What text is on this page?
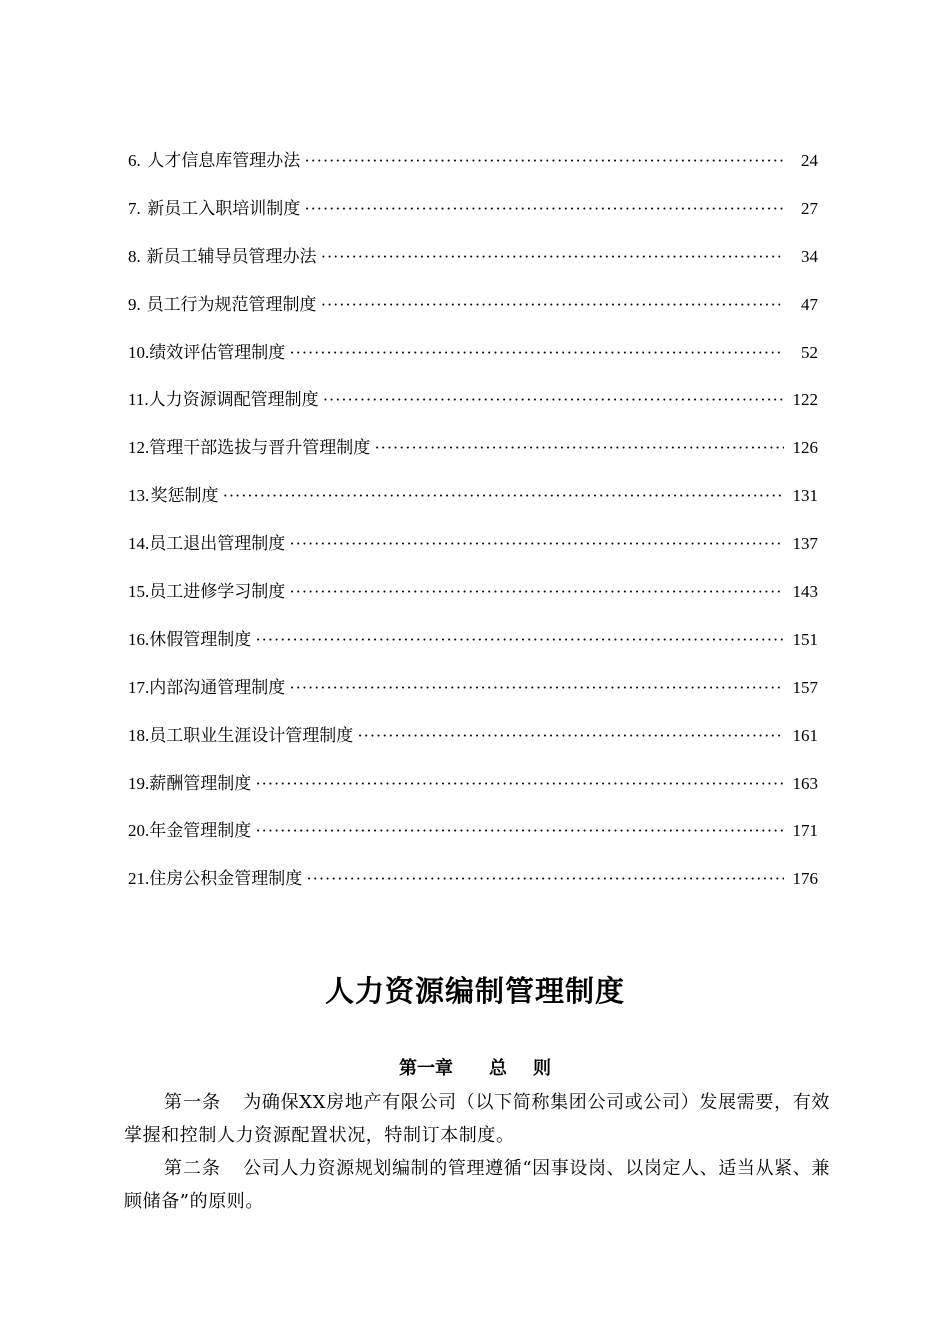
6. 人才信息库管理办法 ·····	24
7. 新员工入职培训制度 ·····	27
8. 新员工辅导员管理办法 ·····	34
9. 员工行为规范管理制度 ·····	47
10. 绩效评估管理制度 ·····	52
11. 人力资源调配管理制度 ·····	122
12. 管理干部选拔与晋升管理制度 ·····	126
13. 奖惩制度 ·····	131
14. 员工退出管理制度 ·····	137
15. 员工进修学习制度 ·····	143
16. 休假管理制度 ·····	151
17. 内部沟通管理制度 ·····	157
18. 员工职业生涯设计管理制度 ·····	161
19. 薪酬管理制度 ·····	163
20. 年金管理制度 ·····	171
21. 住房公积金管理制度 ·····	176
人力资源编制管理制度
第一章 总 则

第一条 为确保XX房地产有限公司（以下简称集团公司或公司）发展需要，有效掌握和控制人力资源配置状况，特制订本制度。

第二条 公司人力资源规划编制的管理遵循“因事设岗、以岗定人、适当从紧、兼顾储备”的原则。
